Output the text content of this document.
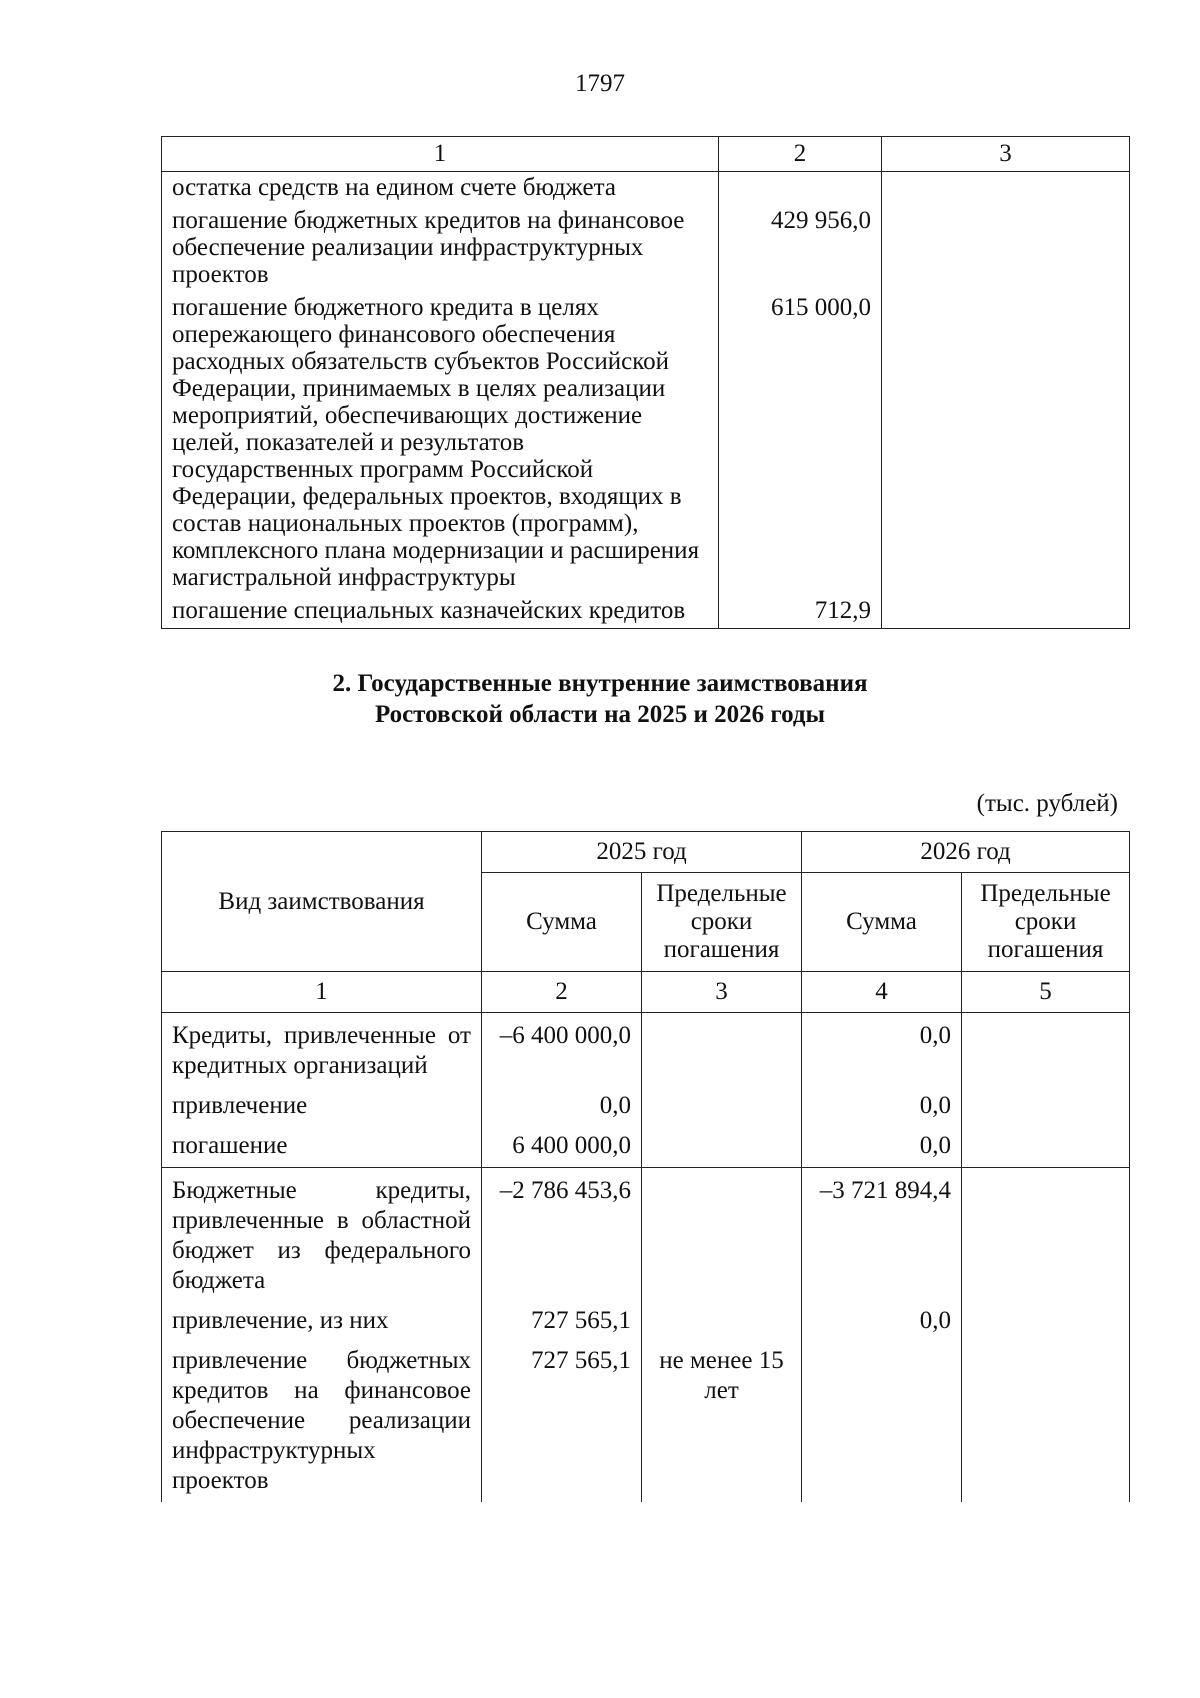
1797
1	2	3
остатка средств на едином счете бюджета		
погашение бюджетных кредитов на финансовое обеспечение реализации инфраструктурных проектов	429 956,0	
погашение бюджетного кредита в целях опережающего финансового обеспечения расходных обязательств субъектов Российской Федерации, принимаемых в целях реализации мероприятий, обеспечивающих достижение целей, показателей и результатов государственных программ Российской Федерации, федеральных проектов, входящих в состав национальных проектов (программ), комплексного плана модернизации и расширения магистральной инфраструктуры	615 000,0	
погашение специальных казначейских кредитов	712,9	
2. Государственные внутренние заимствования
Ростовской области на 2025 и 2026 годы
(тыс. рублей)
Вид заимствования	2025 год		2026 год	
	Сумма	Предельные сроки погашения	Сумма	Предельные сроки погашения
1	2	3	4	5
Кредиты, привлеченные от кредитных организаций	–6 400 000,0		0,0	
привлечение	0,0		0,0	
погашение	6 400 000,0		0,0	
Бюджетные кредиты, привлеченные в областной бюджет из федерального бюджета	–2 786 453,6		–3 721 894,4	
привлечение, из них	727 565,1		0,0	
привлечение бюджетных кредитов на финансовое обеспечение реализации инфраструктурных проектов	727 565,1	не менее 15 лет		
